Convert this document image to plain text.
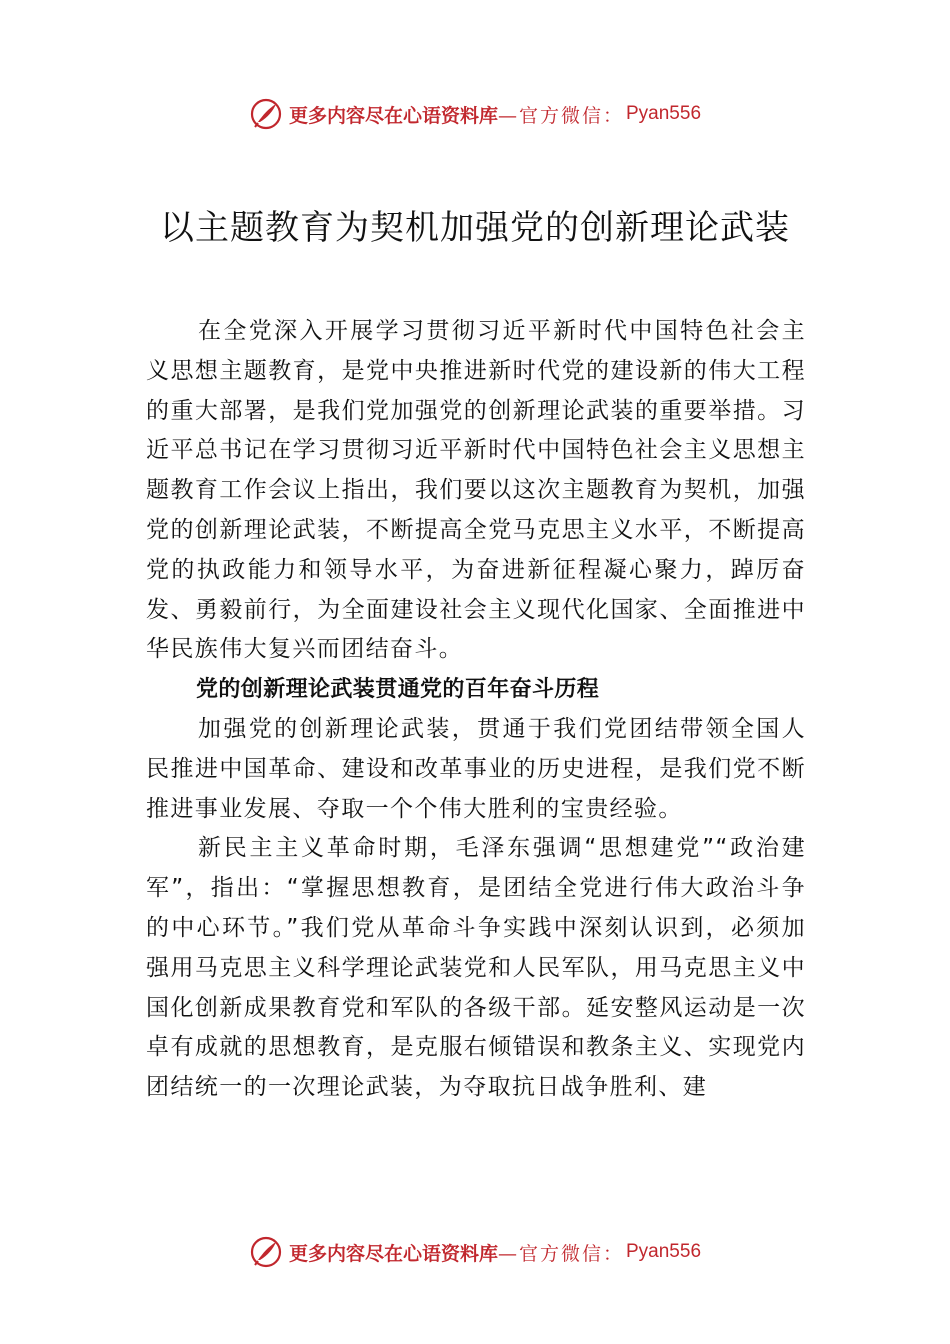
更多内容尽在心语资料库 —官方微信： Pyan556
以主题教育为契机加强党的创新理论武装

在全党深入开展学习贯彻习近平新时代中国特色社会主义思想主题教育，是党中央推进新时代党的建设新的伟大工程的重大部署，是我们党加强党的创新理论武装的重要举措。习近平总书记在学习贯彻习近平新时代中国特色社会主义思想主题教育工作会议上指出，我们要以这次主题教育为契机，加强党的创新理论武装，不断提高全党马克思主义水平，不断提高党的执政能力和领导水平，为奋进新征程凝心聚力，踔厉奋发、勇毅前行，为全面建设社会主义现代化国家、全面推进中华民族伟大复兴而团结奋斗。

党的创新理论武装贯通党的百年奋斗历程

加强党的创新理论武装，贯通于我们党团结带领全国人民推进中国革命、建设和改革事业的历史进程，是我们党不断推进事业发展、夺取一个个伟大胜利的宝贵经验。

新民主主义革命时期，毛泽东强调“思想建党”“政治建军”，指出：“掌握思想教育，是团结全党进行伟大政治斗争的中心环节。”我们党从革命斗争实践中深刻认识到，必须加强用马克思主义科学理论武装党和人民军队，用马克思主义中国化创新成果教育党和军队的各级干部。延安整风运动是一次卓有成就的思想教育，是克服右倾错误和教条主义、实现党内团结统一的一次理论武装，为夺取抗日战争胜利、建

更多内容尽在心语资料库 —官方微信： Pyan556
